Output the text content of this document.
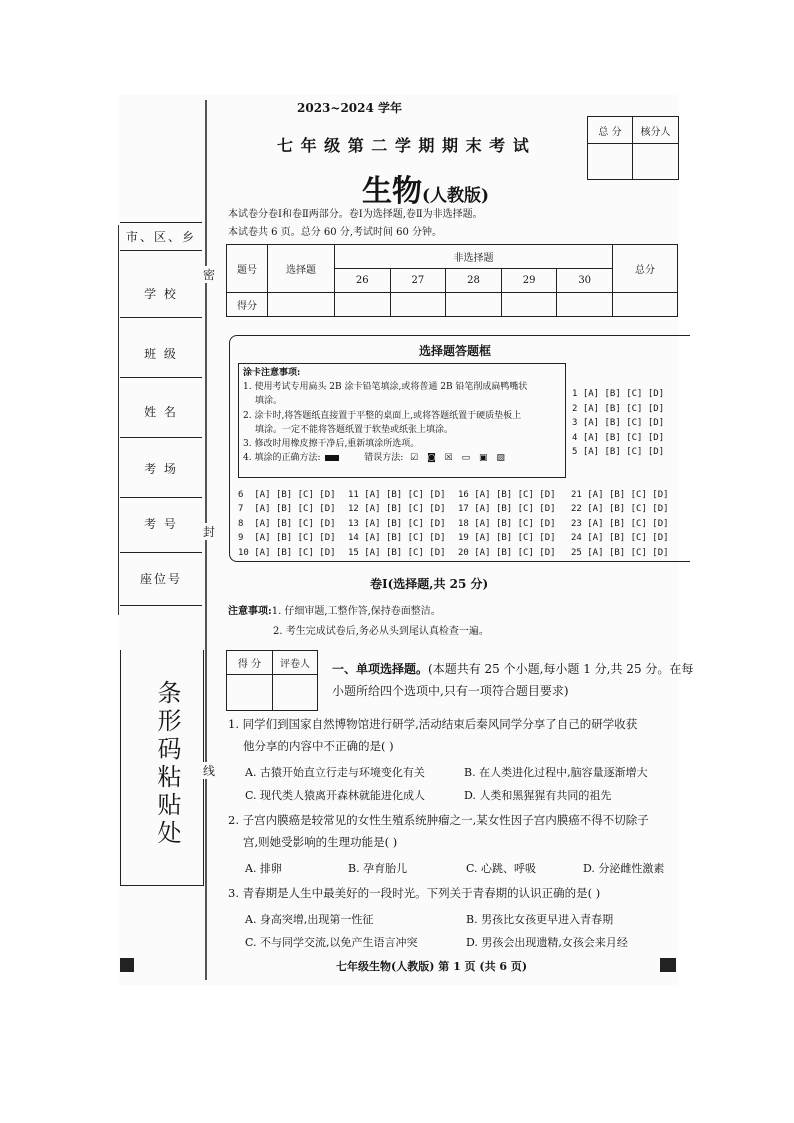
市、区、乡
学 校
班 级
姓 名
考 场
考 号
座位号
条形码粘贴处
密
封
线
2023~2024 学年
七 年 级 第 二 学 期 期 末 考 试
生物(人教版)
总 分	核分人

本试卷分卷Ⅰ和卷Ⅱ两部分。卷Ⅰ为选择题,卷Ⅱ为非选择题。
本试卷共 6 页。总分 60 分,考试时间 60 分钟。
题号	选择题	非选择题					总分
		26	27	28	29	30	
得分							
选择题答题框
涂卡注意事项:
1. 使用考试专用扁头 2B 涂卡铅笔填涂,或将普通 2B 铅笔削成扁鸭嘴状
填涂。
2. 涂卡时,将答题纸直接置于平整的桌面上,或将答题纸置于硬质垫板上
填涂。一定不能将答题纸置于软垫或纸张上填涂。
3. 修改时用橡皮擦干净后,重新填涂所选项。
4. 填涂的正确方法:	错误方法: ☑ ◙ ☒ ▭ ▣ ▨
1 [A] [B] [C] [D]
2 [A] [B] [C] [D]
3 [A] [B] [C] [D]
4 [A] [B] [C] [D]
5 [A] [B] [C] [D]
6 [A] [B] [C] [D]
7 [A] [B] [C] [D]
8 [A] [B] [C] [D]
9 [A] [B] [C] [D]
10 [A] [B] [C] [D]
11 [A] [B] [C] [D]
12 [A] [B] [C] [D]
13 [A] [B] [C] [D]
14 [A] [B] [C] [D]
15 [A] [B] [C] [D]
16 [A] [B] [C] [D]
17 [A] [B] [C] [D]
18 [A] [B] [C] [D]
19 [A] [B] [C] [D]
20 [A] [B] [C] [D]
21 [A] [B] [C] [D]
22 [A] [B] [C] [D]
23 [A] [B] [C] [D]
24 [A] [B] [C] [D]
25 [A] [B] [C] [D]
卷Ⅰ(选择题,共 25 分)
注意事项:1. 仔细审题,工整作答,保持卷面整洁。
2. 考生完成试卷后,务必从头到尾认真检查一遍。
得 分	评卷人
	一、单项选择题。(本题共有 25 个小题,每小题 1 分,共 25 分。在每
小题所给四个选项中,只有一项符合题目要求)
1. 同学们到国家自然博物馆进行研学,活动结束后秦风同学分享了自己的研学收获
他分享的内容中不正确的是( )
A. 古猿开始直立行走与环境变化有关	B. 在人类进化过程中,脑容量逐渐增大
C. 现代类人猿离开森林就能进化成人	D. 人类和黑猩猩有共同的祖先
2. 子宫内膜癌是较常见的女性生殖系统肿瘤之一,某女性因子宫内膜癌不得不切除子
宫,则她受影响的生理功能是( )
A. 排卵	B. 孕育胎儿	C. 心跳、呼吸	D. 分泌雌性激素
3. 青春期是人生中最美好的一段时光。下列关于青春期的认识正确的是( )
A. 身高突增,出现第一性征	B. 男孩比女孩更早进入青春期
C. 不与同学交流,以免产生语言冲突	D. 男孩会出现遗精,女孩会来月经
七年级生物(人教版) 第 1 页 (共 6 页)
